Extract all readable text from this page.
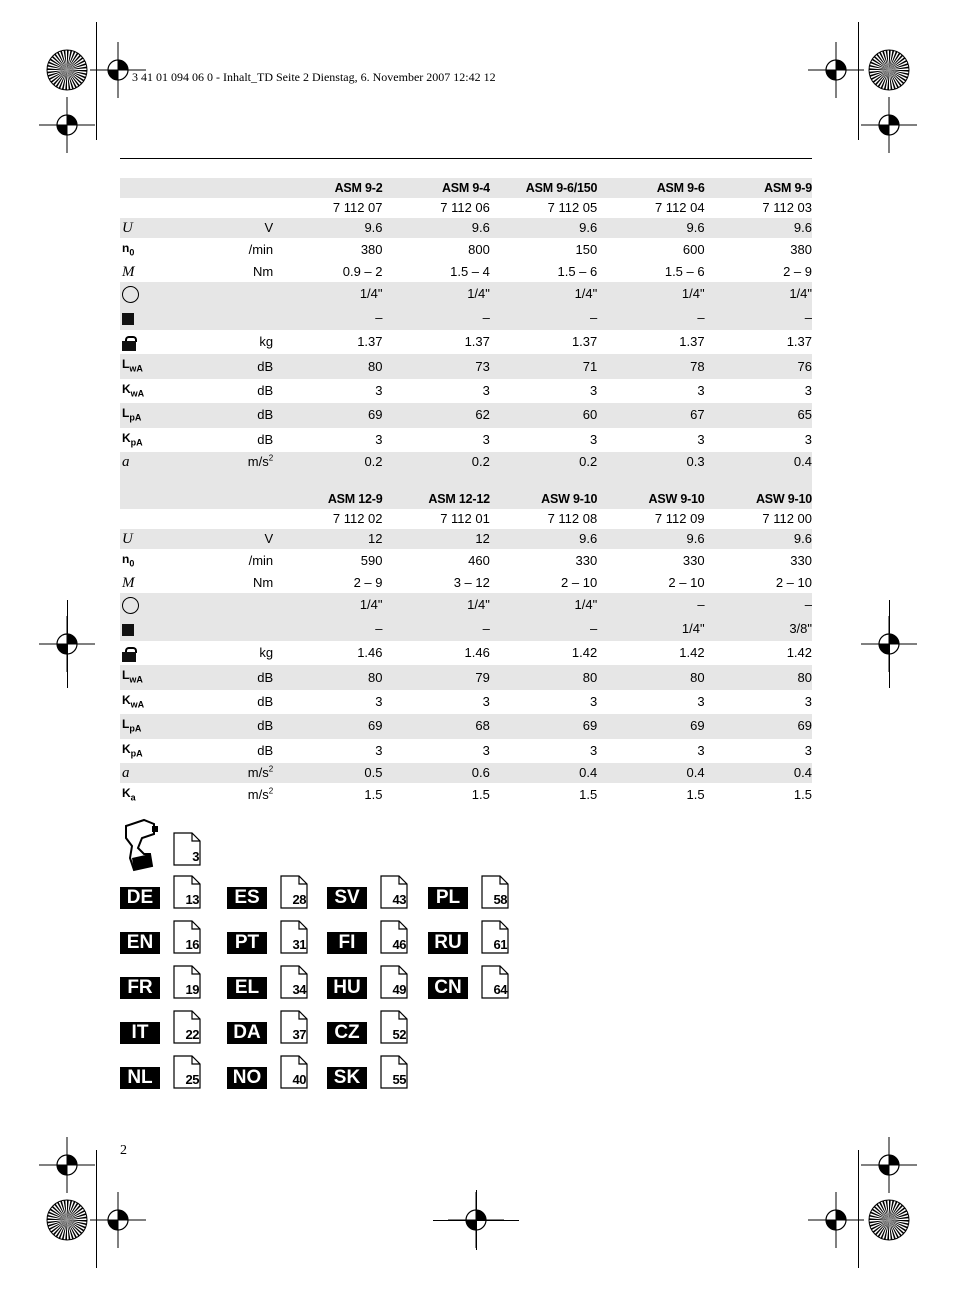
3 41 01 094 06 0 - Inhalt_TD Seite 2 Dienstag, 6. November 2007 12:42 12
		ASM 9-2	ASM 9-4	ASM 9-6/150	ASM 9-6	ASM 9-9
		7 112 07	7 112 06	7 112 05	7 112 04	7 112 03
U	V	9.6	9.6	9.6	9.6	9.6
$n_0$	/min	380	800	150	600	380
M	Nm	0.9 – 2	1.5 – 4	1.5 – 6	1.5 – 6	2 – 9
		1/4"	1/4"	1/4"	1/4"	1/4"
		–	–	–	–	–
	kg	1.37	1.37	1.37	1.37	1.37
$L_{wA}$	dB	80	73	71	78	76
$K_{wA}$	dB	3	3	3	3	3
$L_{pA}$	dB	69	62	60	67	65
$K_{pA}$	dB	3	3	3	3	3
a	$m/s^2$	0.2	0.2	0.2	0.3	0.4

		ASM 12-9	ASM 12-12	ASW 9-10	ASW 9-10	ASW 9-10
		7 112 02	7 112 01	7 112 08	7 112 09	7 112 00
U	V	12	12	9.6	9.6	9.6
$n_0$	/min	590	460	330	330	330
M	Nm	2 – 9	3 – 12	2 – 10	2 – 10	2 – 10
		1/4"	1/4"	1/4"	–	–
		–	–	–	1/4"	3/8"
	kg	1.46	1.46	1.42	1.42	1.42
$L_{wA}$	dB	80	79	80	80	80
$K_{wA}$	dB	3	3	3	3	3
$L_{pA}$	dB	69	68	69	69	69
$K_{pA}$	dB	3	3	3	3	3
a	$m/s^2$	0.5	0.6	0.4	0.4	0.4
$K_a$	$m/s^2$	1.5	1.5	1.5	1.5	1.5
3
DE	13	ES	28	SV	43	PL	58
EN	16	PT	31	FI	46	RU	61
FR	19	EL	34	HU	49	CN	64
IT	22	DA	37	CZ	52
NL	25	NO	40	SK	55
2
